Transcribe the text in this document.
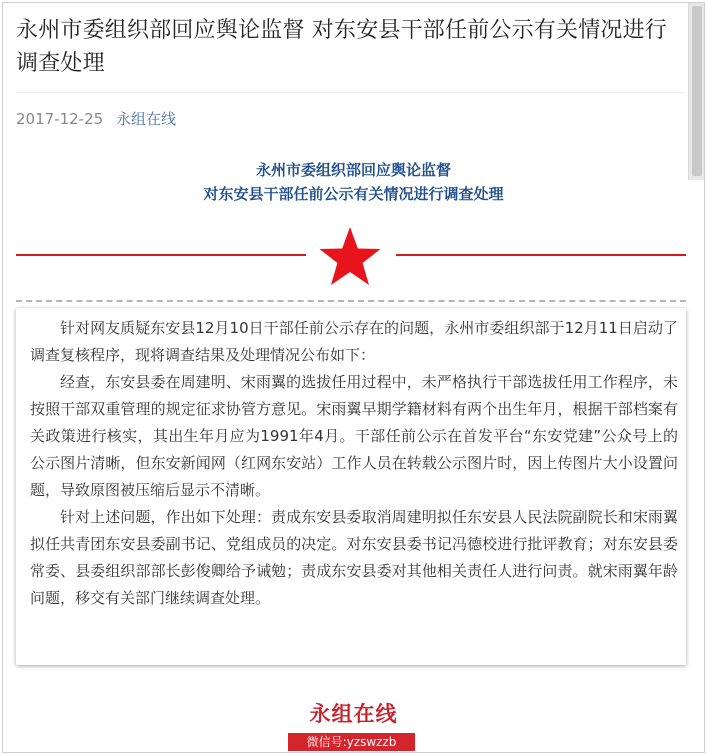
永州市委组织部回应舆论监督 对东安县干部任前公示有关情况进行调查处理
2017-12-25 永组在线
永州市委组织部回应舆论监督
对东安县干部任前公示有关情况进行调查处理

针对网友质疑东安县12月10日干部任前公示存在的问题，永州市委组织部于12月11日启动了调查复核程序，现将调查结果及处理情况公布如下：

经查，东安县委在周建明、宋雨翼的选拔任用过程中，未严格执行干部选拔任用工作程序，未按照干部双重管理的规定征求协管方意见。宋雨翼早期学籍材料有两个出生年月，根据干部档案有关政策进行核实，其出生年月应为1991年4月。干部任前公示在首发平台“东安党建”公众号上的公示图片清晰，但东安新闻网（红网东安站）工作人员在转载公示图片时，因上传图片大小设置问题，导致原图被压缩后显示不清晰。

针对上述问题，作出如下处理：责成东安县委取消周建明拟任东安县人民法院副院长和宋雨翼拟任共青团东安县委副书记、党组成员的决定。对东安县委书记冯德校进行批评教育；对东安县委常委、县委组织部部长彭俊卿给予诫勉；责成东安县委对其他相关责任人进行问责。就宋雨翼年龄问题，移交有关部门继续调查处理。

永组在线
微信号:yzswzzb
